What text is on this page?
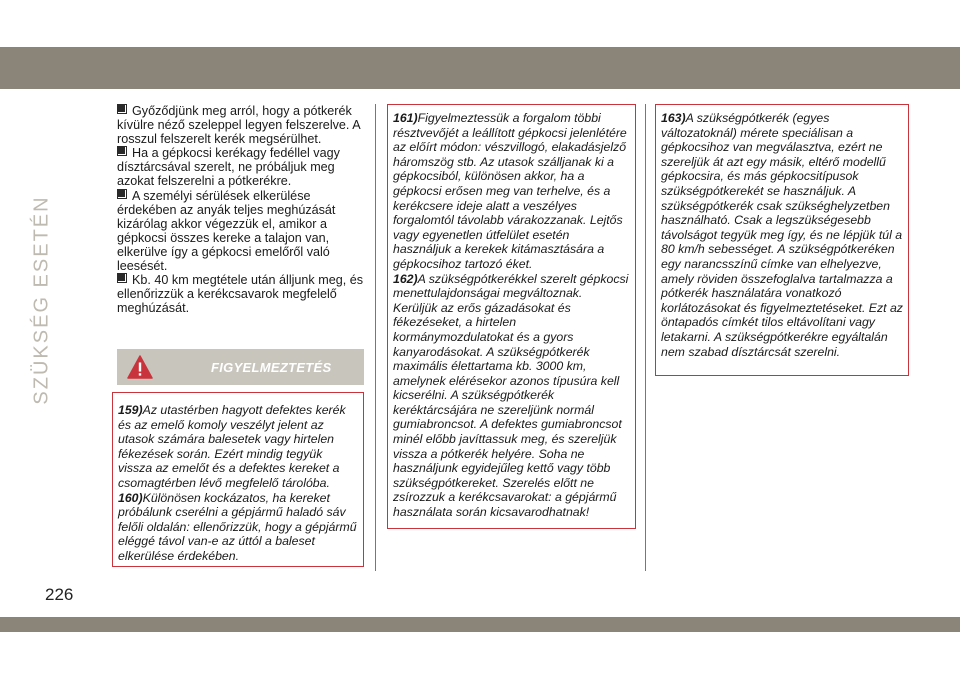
SZÜKSÉG ESETÉN
226

Győződjünk meg arról, hogy a pótkerék kívülre néző szeleppel legyen felszerelve. A rosszul felszerelt kerék megsérülhet.

Ha a gépkocsi kerékagy fedéllel vagy dísztárcsával szerelt, ne próbáljuk meg azokat felszerelni a pótkerékre.

A személyi sérülések elkerülése érdekében az anyák teljes meghúzását kizárólag akkor végezzük el, amikor a gépkocsi összes kereke a talajon van, elkerülve így a gépkocsi emelőről való leesését.

Kb. 40 km megtétele után álljunk meg, és ellenőrizzük a kerékcsavarok megfelelő meghúzását.

FIGYELMEZTETÉS
159)Az utastérben hagyott defektes kerék és az emelő komoly veszélyt jelent az utasok számára balesetek vagy hirtelen fékezések során. Ezért mindig tegyük vissza az emelőt és a defektes kereket a csomagtérben lévő megfelelő tárolóba.
160)Különösen kockázatos, ha kereket próbálunk cserélni a gépjármű haladó sáv felőli oldalán: ellenőrizzük, hogy a gépjármű eléggé távol van-e az úttól a baleset elkerülése érdekében.
161)Figyelmeztessük a forgalom többi résztvevőjét a leállított gépkocsi jelenlétére az előírt módon: vészvillogó, elakadásjelző háromszög stb. Az utasok szálljanak ki a gépkocsiból, különösen akkor, ha a gépkocsi erősen meg van terhelve, és a kerékcsere ideje alatt a veszélyes forgalomtól távolabb várakozzanak. Lejtős vagy egyenetlen útfelület esetén használjuk a kerekek kitámasztására a gépkocsihoz tartozó éket.
162)A szükségpótkerékkel szerelt gépkocsi menettulajdonságai megváltoznak. Kerüljük az erős gázadásokat és fékezéseket, a hirtelen kormánymozdulatokat és a gyors kanyarodásokat. A szükségpótkerék maximális élettartama kb. 3000 km, amelynek elérésekor azonos típusúra kell kicserélni. A szükségpótkerék keréktárcsájára ne szereljünk normál gumiabroncsot. A defektes gumiabroncsot minél előbb javíttassuk meg, és szereljük vissza a pótkerék helyére. Soha ne használjunk egyidejűleg kettő vagy több szükségpótkereket. Szerelés előtt ne zsírozzuk a kerékcsavarokat: a gépjármű használata során kicsavarodhatnak!
163)A szükségpótkerék (egyes változatoknál) mérete speciálisan a gépkocsihoz van megválasztva, ezért ne szereljük át azt egy másik, eltérő modellű gépkocsira, és más gépkocsitípusok szükségpótkerekét se használjuk. A szükségpótkerék csak szükséghelyzetben használható. Csak a legszükségesebb távolságot tegyük meg így, és ne lépjük túl a 80 km/h sebességet. A szükségpótkeréken egy narancsszínű címke van elhelyezve, amely röviden összefoglalva tartalmazza a pótkerék használatára vonatkozó korlátozásokat és figyelmeztetéseket. Ezt az öntapadós címkét tilos eltávolítani vagy letakarni. A szükségpótkerékre egyáltalán nem szabad dísztárcsát szerelni.
